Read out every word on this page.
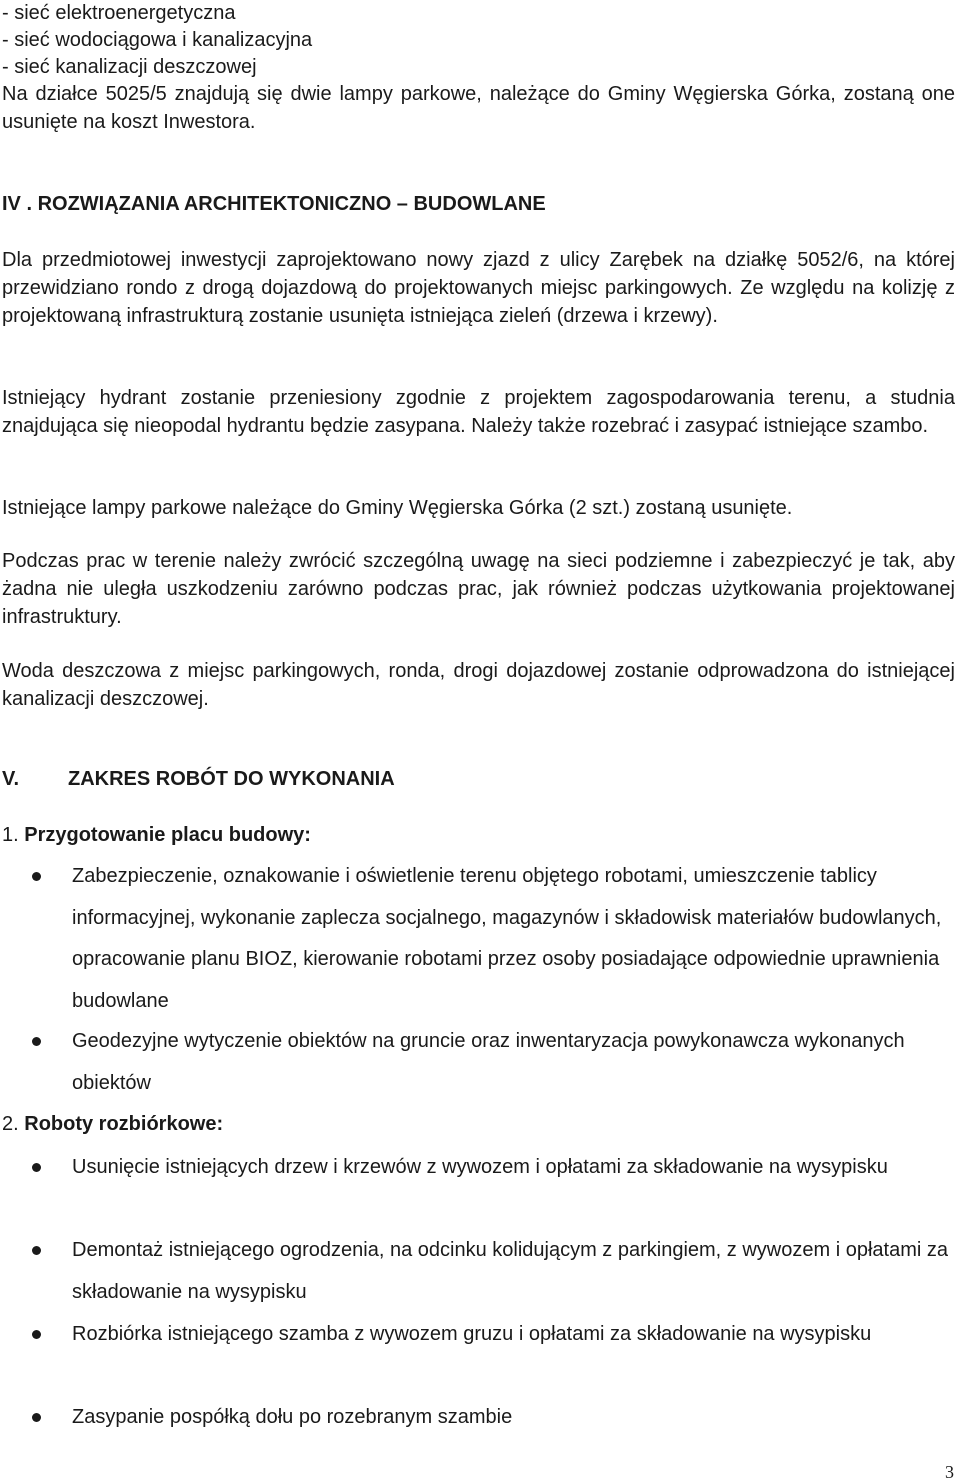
- sieć elektroenergetyczna
- sieć wodociągowa i kanalizacyjna
- sieć kanalizacji deszczowej
Na działce 5025/5 znajdują się dwie lampy parkowe, należące do Gminy Węgierska Górka, zostaną one usunięte na koszt Inwestora.
IV . ROZWIĄZANIA ARCHITEKTONICZNO – BUDOWLANE
Dla przedmiotowej inwestycji zaprojektowano nowy zjazd z ulicy Zarębek na działkę 5052/6, na której przewidziano rondo z drogą dojazdową do projektowanych miejsc parkingowych. Ze względu na kolizję z projektowaną infrastrukturą zostanie usunięta istniejąca zieleń (drzewa i krzewy).
Istniejący hydrant zostanie przeniesiony zgodnie z projektem zagospodarowania terenu, a studnia znajdująca się nieopodal hydrantu będzie zasypana. Należy także rozebrać i zasypać istniejące szambo.
Istniejące lampy parkowe należące do Gminy Węgierska Górka (2 szt.) zostaną usunięte.
Podczas prac w terenie należy zwrócić szczególną uwagę na sieci podziemne i zabezpieczyć je tak, aby żadna nie uległa uszkodzeniu zarówno podczas prac, jak również podczas użytkowania projektowanej infrastruktury.
Woda deszczowa z miejsc parkingowych, ronda, drogi dojazdowej zostanie odprowadzona do istniejącej kanalizacji deszczowej.
V. ZAKRES ROBÓT DO WYKONANIA
1. Przygotowanie placu budowy:
Zabezpieczenie, oznakowanie i oświetlenie terenu objętego robotami, umieszczenie tablicy informacyjnej, wykonanie zaplecza socjalnego, magazynów i składowisk materiałów budowlanych, opracowanie planu BIOZ, kierowanie robotami przez osoby posiadające odpowiednie uprawnienia budowlane
Geodezyjne wytyczenie obiektów na gruncie oraz inwentaryzacja powykonawcza wykonanych obiektów
2. Roboty rozbiórkowe:
Usunięcie istniejących drzew i krzewów z wywozem i opłatami za składowanie na wysypisku
Demontaż istniejącego ogrodzenia, na odcinku kolidującym z parkingiem, z wywozem i opłatami za składowanie na wysypisku
Rozbiórka istniejącego szamba z wywozem gruzu i opłatami za składowanie na wysypisku
Zasypanie pospółką dołu po rozebranym szambie
3
